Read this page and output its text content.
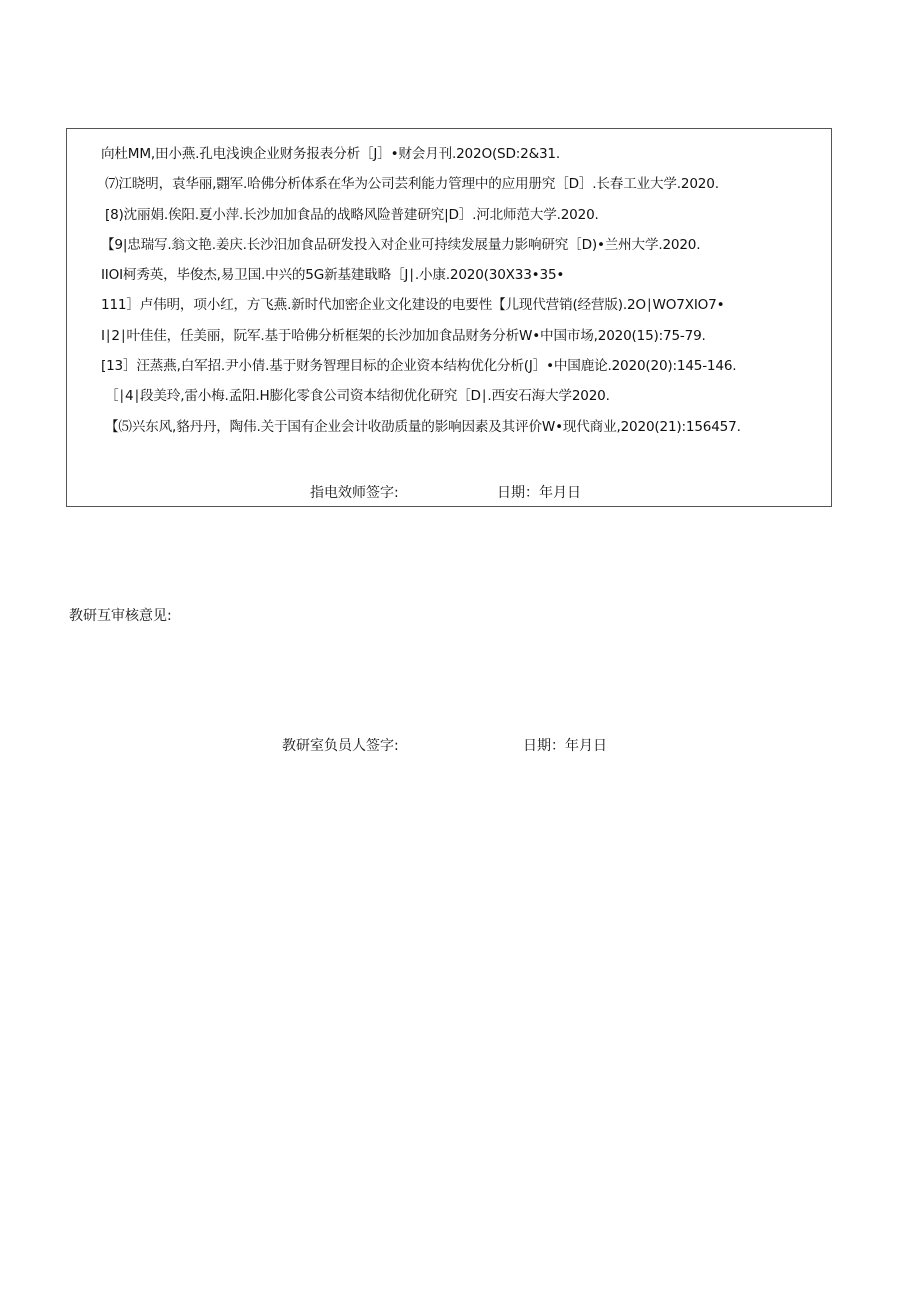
向杜MM,田小燕.孔电浅谀企业财务报表分析［J］•财会月刊.202O(SD:2&31.
⑺江晓明，袁华丽,翾军.哈佛分析体系在华为公司芸利能力管理中的应用册究［D］.长春工业大学.2020.
[8)沈丽娟.俟阳.夏小萍.长沙加加食品的战略风险普建研究|D］.河北师范大学.2020.
【9|忠瑞写.翁文艳.姜庆.长沙汨加食品研发投入对企业可持续发展量力影响研究［D)•兰州大学.2020.
IIOI柯秀英，毕俊杰,易卫国.中兴的5G新基建戢略［J∣.小康.2020(30X33•35•
111］卢伟明，项小红，方飞燕.新时代加密企业文化建设的电要性【儿现代营销(经营版).2O∣WO7XIO7•
I∣2∣叶佳佳，任美丽，阮军.基于哈佛分析框架的长沙加加食品财务分析W•中国市场,2020(15):75-79.
[13］汪蒸燕,白军招.尹小倩.基于财务智理目标的企业资本结构优化分析(J］•中国鹿论.2020(20):145-146.
［∣4∣段美玲,雷小梅.孟阳.H膨化零食公司资本结彻优化研究［D∣.西安石海大学2020.
【⑸兴东风,貉丹丹，陶伟.关于国有企业会计收劭质量的影响因素及其评价W•现代商业,2020(21):156457.
指电效师签字:	日期：年月日
教研互审核意见:
教研室负员人签字:	日期：年月日
